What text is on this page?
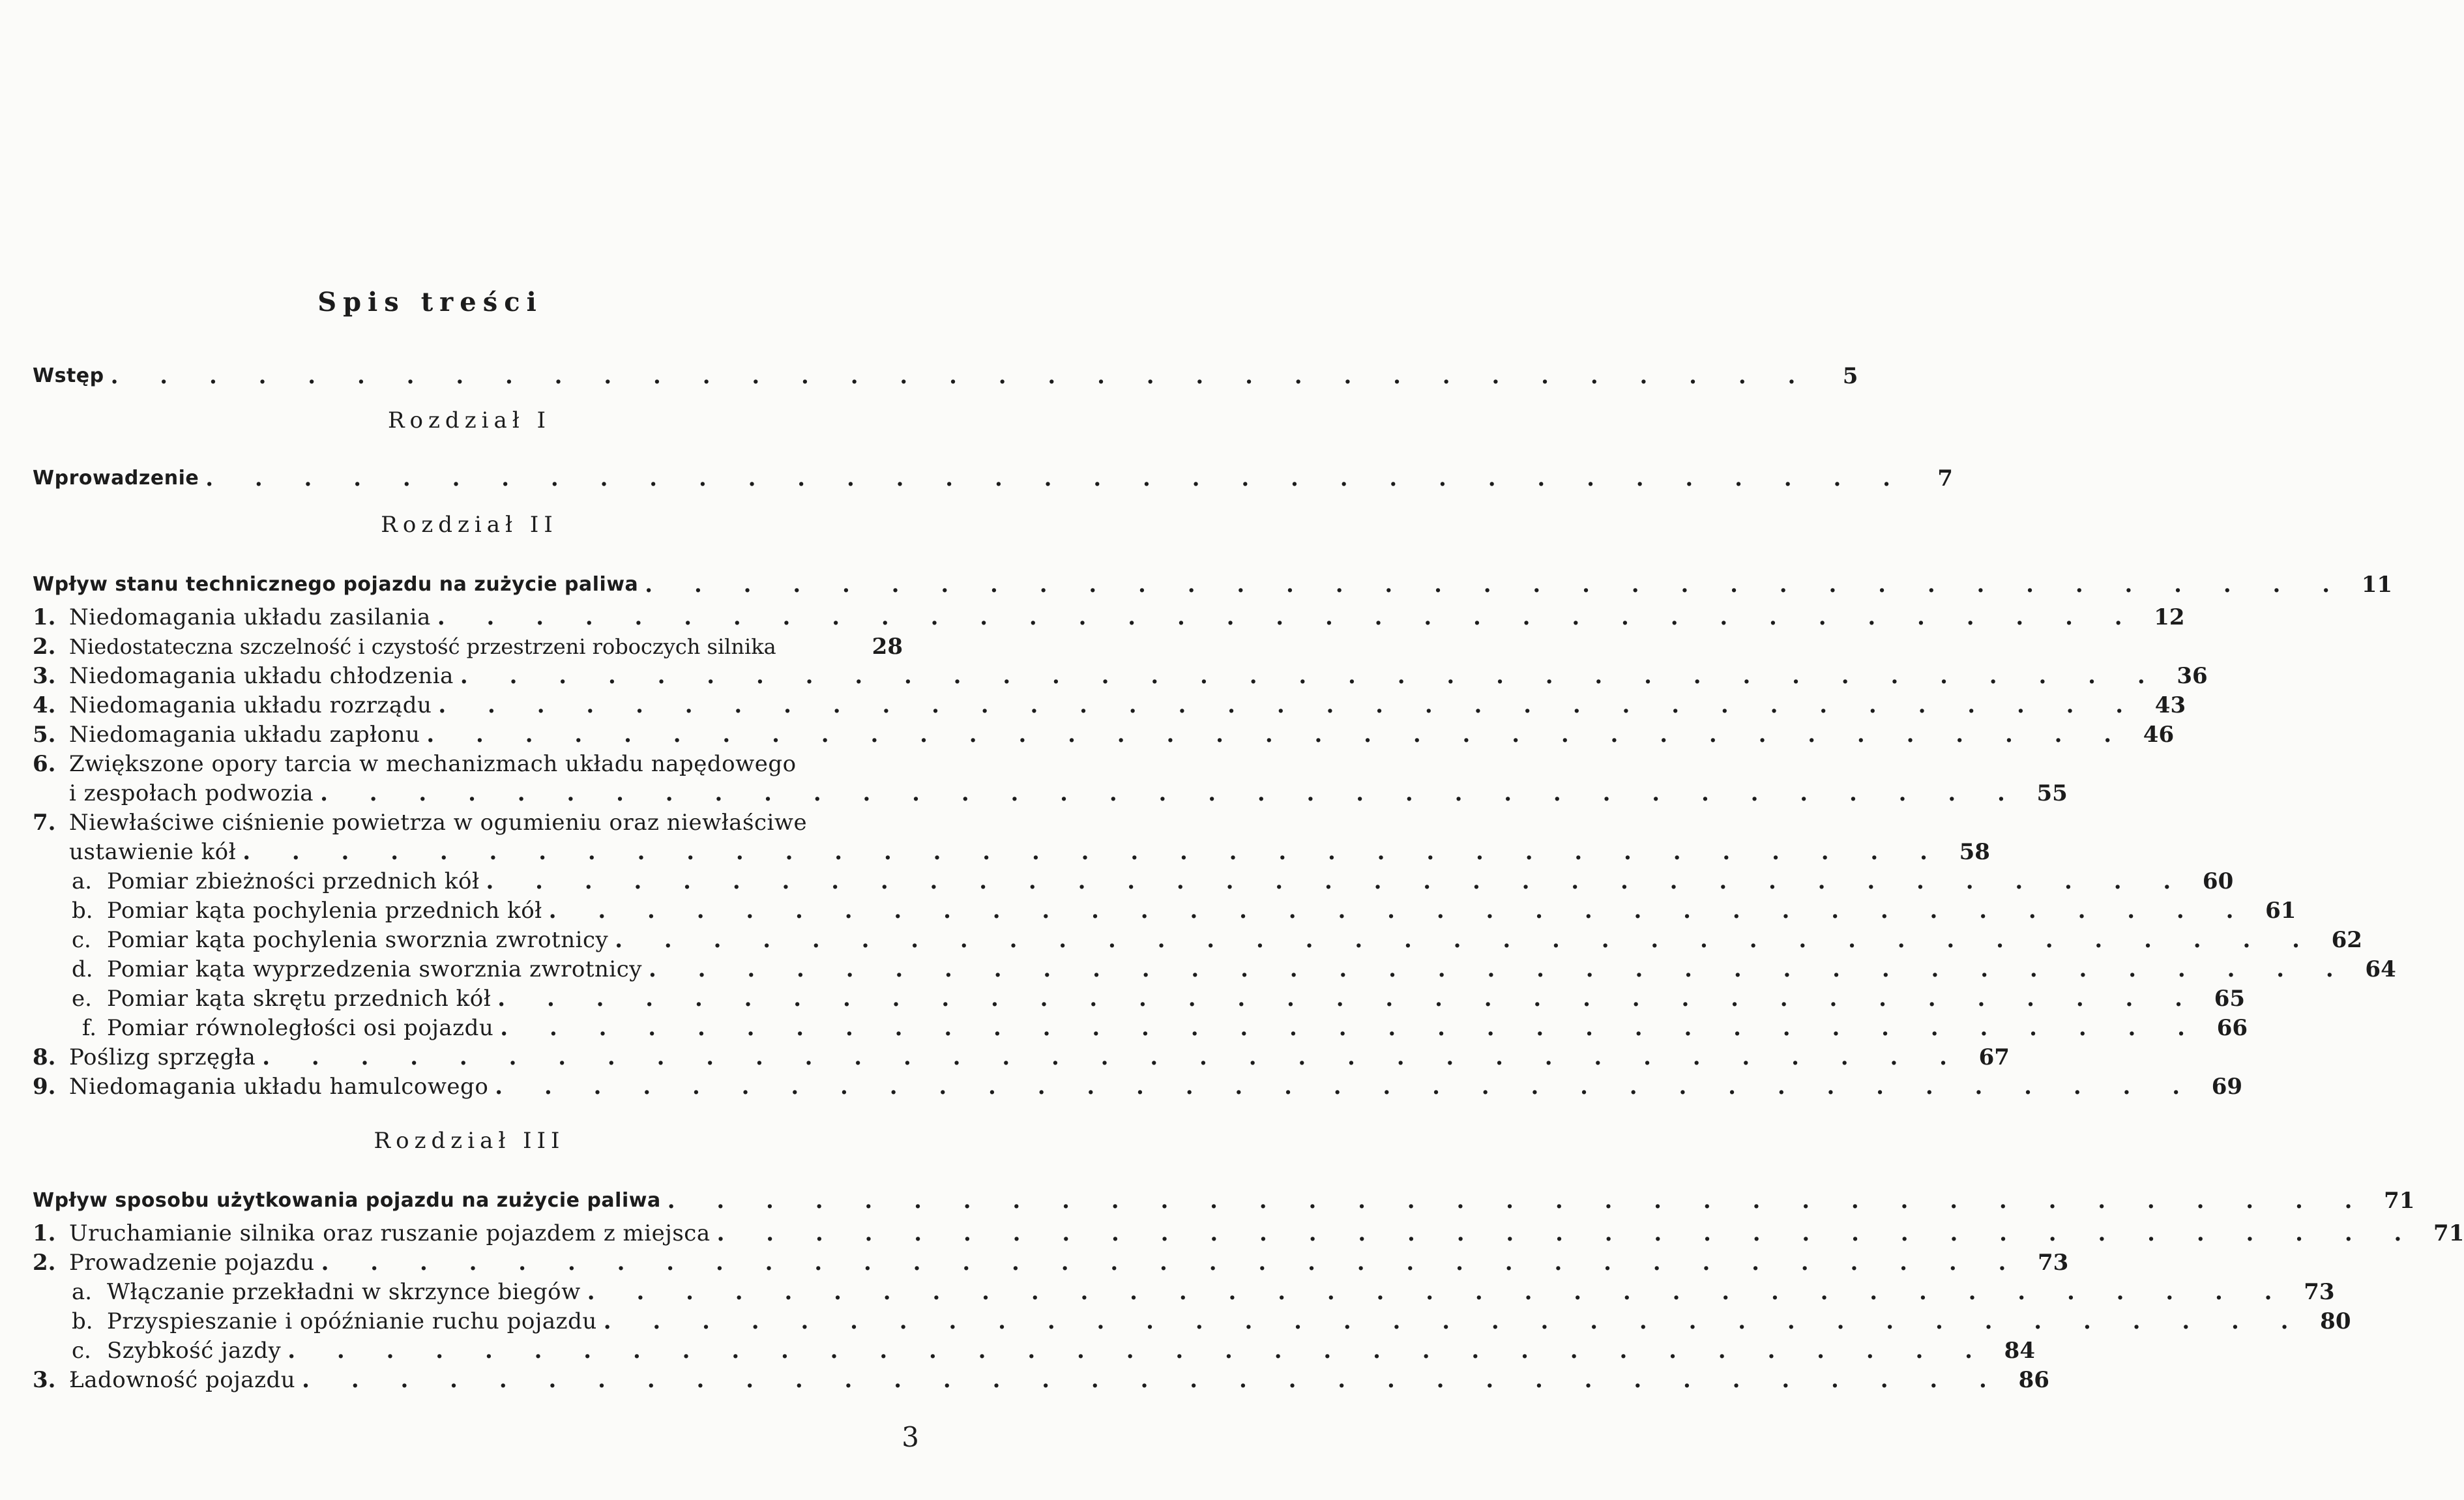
Spis treści
Wstęp . . . . . . . . . . . . . . . . . . . . . . . . . . . . . . . . . . .	5
Rozdział I
Wprowadzenie . . . . . . . . . . . . . . . . . . . . . . . . . . . . . . . . . . .	7
Rozdział II
Wpływ stanu technicznego pojazdu na zużycie paliwa . . . . . . . . . . . . . . . . . . . . . . . . . . . . . . . . . . . 11
1. Niedomagania układu zasilania . . . . . . . . . . . . . . . . . . . . . . . . . . . . . . . . . . . 12
2. Niedostateczna szczelność i czystość przestrzeni roboczych silnika	28
3. Niedomagania układu chłodzenia . . . . . . . . . . . . . . . . . . . . . . . . . . . . . . . . . . . 36
4. Niedomagania układu rozrządu . . . . . . . . . . . . . . . . . . . . . . . . . . . . . . . . . . . 43
5. Niedomagania układu zapłonu . . . . . . . . . . . . . . . . . . . . . . . . . . . . . . . . . . . 46
6. Zwiększone opory tarcia w mechanizmach układu napędowego
i zespołach podwozia . . . . . . . . . . . . . . . . . . . . . . . . . . . . . . . . . . . 55
7. Niewłaściwe ciśnienie powietrza w ogumieniu oraz niewłaściwe
ustawienie kół . . . . . . . . . . . . . . . . . . . . . . . . . . . . . . . . . . . 58
a. Pomiar zbieżności przednich kół . . . . . . . . . . . . . . . . . . . . . . . . . . . . . . . . . . . 60
b. Pomiar kąta pochylenia przednich kół . . . . . . . . . . . . . . . . . . . . . . . . . . . . . . . . . . . 61
c. Pomiar kąta pochylenia sworznia zwrotnicy . . . . . . . . . . . . . . . . . . . . . . . . . . . . . . . . . . . 62
d. Pomiar kąta wyprzedzenia sworznia zwrotnicy . . . . . . . . . . . . . . . . . . . . . . . . . . . . . . . . . . . 64
e. Pomiar kąta skrętu przednich kół . . . . . . . . . . . . . . . . . . . . . . . . . . . . . . . . . . . 65
f. Pomiar równoległości osi pojazdu . . . . . . . . . . . . . . . . . . . . . . . . . . . . . . . . . . . 66
8. Poślizg sprzęgła . . . . . . . . . . . . . . . . . . . . . . . . . . . . . . . . . . . 67
9. Niedomagania układu hamulcowego . . . . . . . . . . . . . . . . . . . . . . . . . . . . . . . . . . . 69
Rozdział III
Wpływ sposobu użytkowania pojazdu na zużycie paliwa . . . . . . . . . . . . . . . . . . . . . . . . . . . . . . . . . . . 71
1. Uruchamianie silnika oraz ruszanie pojazdem z miejsca . . . . . . . . . . . . . . . . . . . . . . . . . . . . . . . . . . . 71
2. Prowadzenie pojazdu . . . . . . . . . . . . . . . . . . . . . . . . . . . . . . . . . . . 73
a. Włączanie przekładni w skrzynce biegów . . . . . . . . . . . . . . . . . . . . . . . . . . . . . . . . . . . 73
b. Przyspieszanie i opóźnianie ruchu pojazdu . . . . . . . . . . . . . . . . . . . . . . . . . . . . . . . . . . . 80
c. Szybkość jazdy . . . . . . . . . . . . . . . . . . . . . . . . . . . . . . . . . . . 84
3. Ładowność pojazdu . . . . . . . . . . . . . . . . . . . . . . . . . . . . . . . . . . . 86
3
